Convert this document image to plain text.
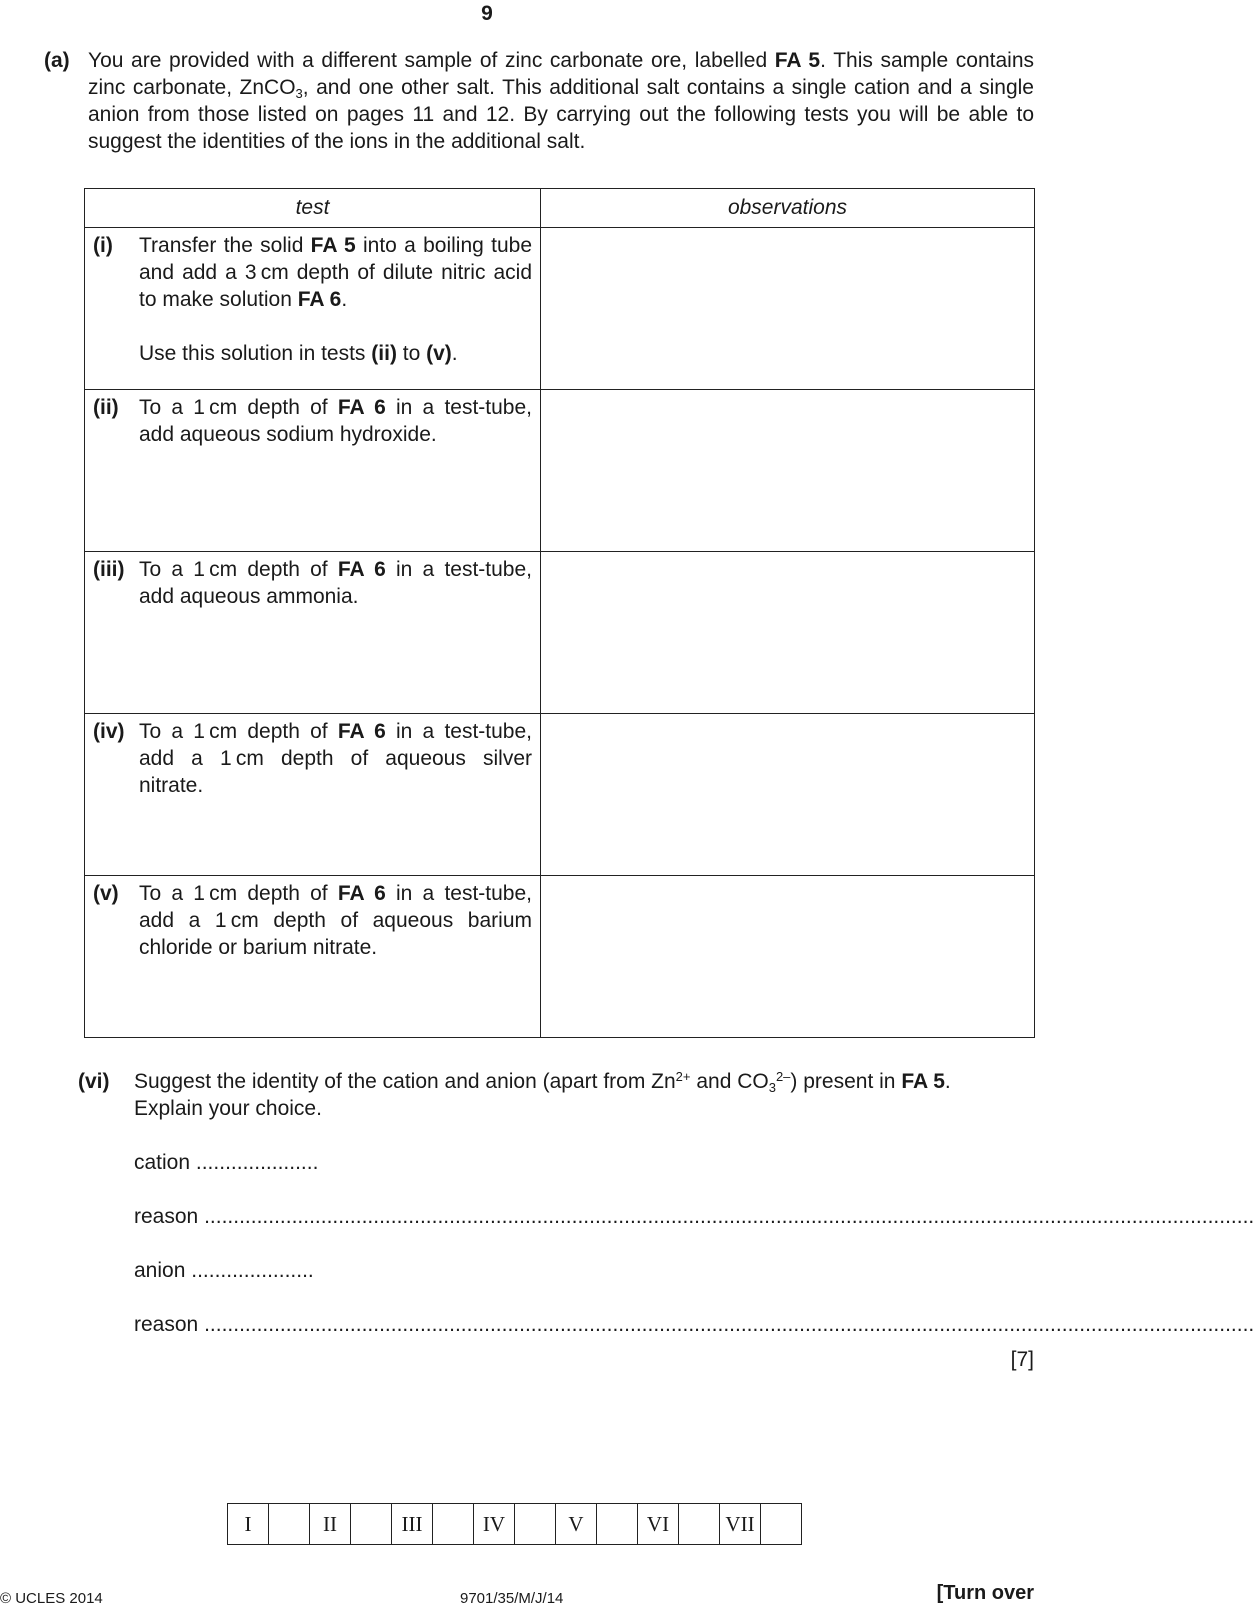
9
(a) You are provided with a different sample of zinc carbonate ore, labelled FA 5. This sample contains zinc carbonate, ZnCO$_3$, and one other salt. This additional salt contains a single cation and a single anion from those listed on pages 11 and 12. By carrying out the following tests you will be able to suggest the identities of the ions in the additional salt.
test	observations

(i) Transfer the solid FA 5 into a boiling tube and add a 3 cm depth of dilute nitric acid to make solution FA 6.

Use this solution in tests (ii) to (v).	

(ii) To a 1 cm depth of FA 6 in a test-tube, add aqueous sodium hydroxide.	

(iii) To a 1 cm depth of FA 6 in a test-tube, add aqueous ammonia.	

(iv) To a 1 cm depth of FA 6 in a test-tube, add a 1 cm depth of aqueous silver nitrate.	

(v) To a 1 cm depth of FA 6 in a test-tube, add a 1 cm depth of aqueous barium chloride or barium nitrate.	

(vi) Suggest the identity of the cation and anion (apart from $Zn^{2+}$ and $CO_3^{2-}$) present in FA 5.
Explain your choice.
cation .....................
reason
....................................................................................................................................................................................
anion .....................
reason
....................................................................................................................................................................................
[7]
I		II		III		IV		V		VI		VII	
© UCLES 2014	9701/35/M/J/14	[Turn over
